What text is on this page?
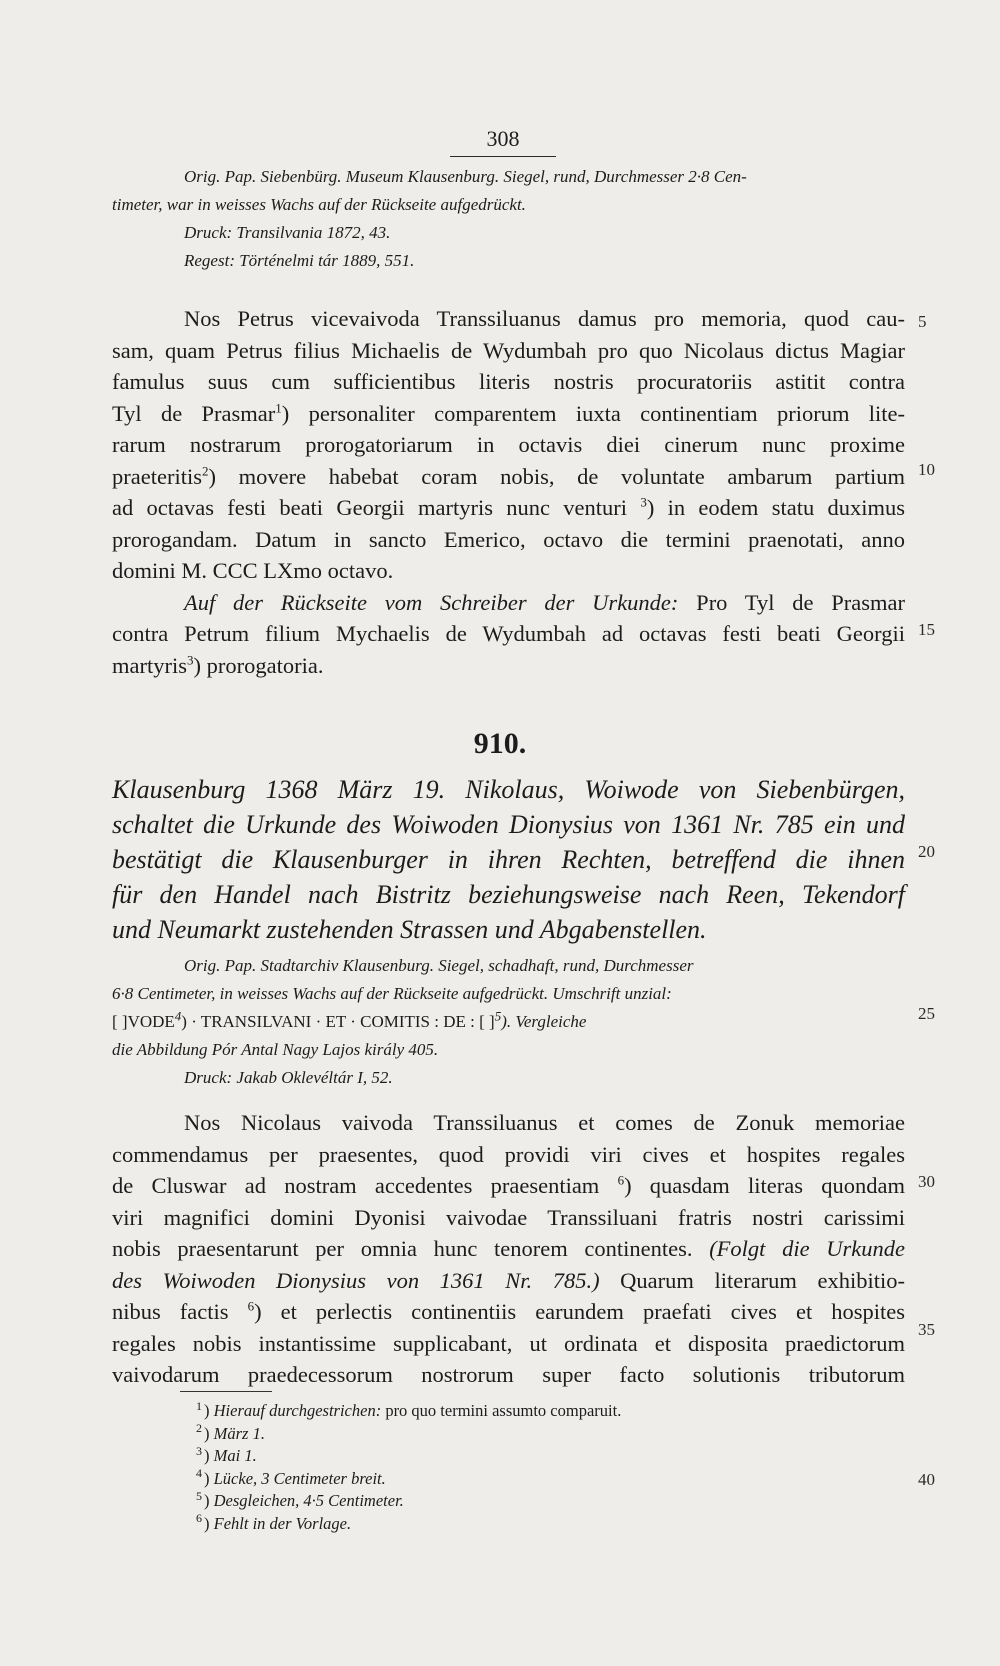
308

Orig. Pap. Siebenbürg. Museum Klausenburg. Siegel, rund, Durchmesser 2·8 Cen-
timeter, war in weisses Wachs auf der Rückseite aufgedrückt.
Druck: Transilvania 1872, 43.
Regest: Történelmi tár 1889, 551.

Nos Petrus vicevaivoda Transsiluanus damus pro memoria, quod cau-
sam, quam Petrus filius Michaelis de Wydumbah pro quo Nicolaus dictus Magiar
famulus suus cum sufficientibus literis nostris procuratoriis astitit contra
Tyl de Prasmar$^1$) personaliter comparentem iuxta continentiam priorum lite-
rarum nostrarum prorogatoriarum in octavis diei cinerum nunc proxime
praeteritis$^2$) movere habebat coram nobis, de voluntate ambarum partium
ad octavas festi beati Georgii martyris nunc venturi $^3$) in eodem statu duximus
prorogandam. Datum in sancto Emerico, octavo die termini praenotati, anno
domini M. CCC LXmo octavo.
Auf der Rückseite vom Schreiber der Urkunde: Pro Tyl de Prasmar
contra Petrum filium Mychaelis de Wydumbah ad octavas festi beati Georgii
martyris$^3$) prorogatoria.

910.

Klausenburg 1368 März 19. Nikolaus, Woiwode von Siebenbürgen,
schaltet die Urkunde des Woiwoden Dionysius von 1361 Nr. 785 ein und
bestätigt die Klausenburger in ihren Rechten, betreffend die ihnen
für den Handel nach Bistritz beziehungsweise nach Reen, Tekendorf
und Neumarkt zustehenden Strassen und Abgabenstellen.

Orig. Pap. Stadtarchiv Klausenburg. Siegel, schadhaft, rund, Durchmesser
6·8 Centimeter, in weisses Wachs auf der Rückseite aufgedrückt. Umschrift unzial:
[ ]$VODE^4$) · TRANSILVANI · ET · COMITIS : DE : [ ]$^5$). Vergleiche
die Abbildung Pór Antal Nagy Lajos király 405.
Druck: Jakab Oklevéltár I, 52.

Nos Nicolaus vaivoda Transsiluanus et comes de Zonuk memoriae
commendamus per praesentes, quod providi viri cives et hospites regales
de Cluswar ad nostram accedentes praesentiam $^6$) quasdam literas quondam
viri magnifici domini Dyonisi vaivodae Transsiluani fratris nostri carissimi
nobis praesentarunt per omnia hunc tenorem continentes. (Folgt die Urkunde
des Woiwoden Dionysius von 1361 Nr. 785.) Quarum literarum exhibitio-
nibus factis $^6$) et perlectis continentiis earundem praefati cives et hospites
regales nobis instantissime supplicabant, ut ordinata et disposita praedictorum
vaivodarum praedecessorum nostrorum super facto solutionis tributorum

5
10
15
20
25
30
35
40
$^1$ ) Hierauf durchgestrichen: pro quo termini assumto comparuit.
$^2$ ) März 1.
$^3$ ) Mai 1.
$^4$ ) Lücke, 3 Centimeter breit.
$^5$ ) Desgleichen, 4·5 Centimeter.
$^6$ ) Fehlt in der Vorlage.
